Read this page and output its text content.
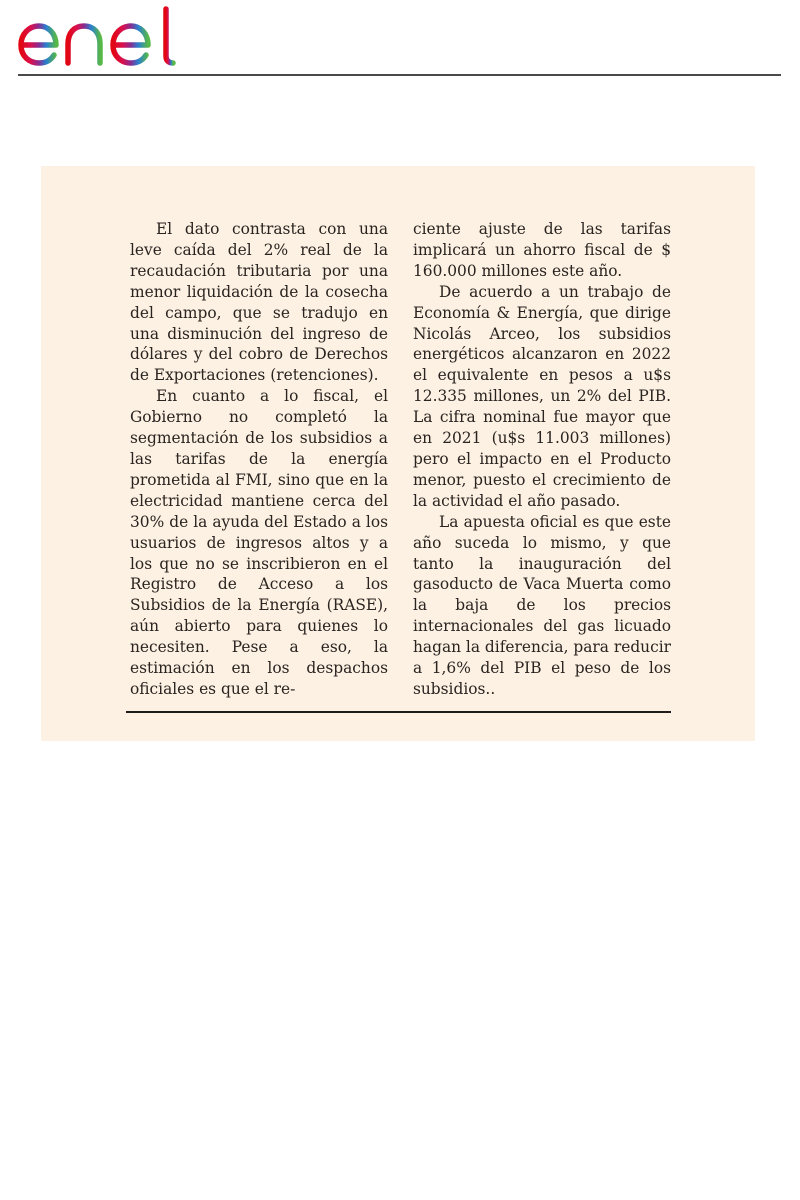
El dato contrasta con una leve caída del 2% real de la recaudación tributaria por una menor liquidación de la cosecha del campo, que se tradujo en una disminución del ingreso de dólares y del cobro de Derechos de Exportaciones (retenciones).

En cuanto a lo fiscal, el Gobierno no completó la segmentación de los subsidios a las tarifas de la energía prometida al FMI, sino que en la electricidad mantiene cerca del 30% de la ayuda del Estado a los usuarios de ingresos altos y a los que no se inscribieron en el Registro de Acceso a los Subsidios de la Energía (RASE), aún abierto para quienes lo necesiten. Pese a eso, la estimación en los despachos oficiales es que el re-

ciente ajuste de las tarifas implicará un ahorro fiscal de $ 160.000 millones este año.

De acuerdo a un trabajo de Economía & Energía, que dirige Nicolás Arceo, los subsidios energéticos alcanzaron en 2022 el equivalente en pesos a u$s 12.335 millones, un 2% del PIB. La cifra nominal fue mayor que en 2021 (u$s 11.003 millones) pero el impacto en el Producto menor, puesto el crecimiento de la actividad el año pasado.

La apuesta oficial es que este año suceda lo mismo, y que tanto la inauguración del gasoducto de Vaca Muerta como la baja de los precios internacionales del gas licuado hagan la diferencia, para reducir a 1,6% del PIB el peso de los subsidios..
